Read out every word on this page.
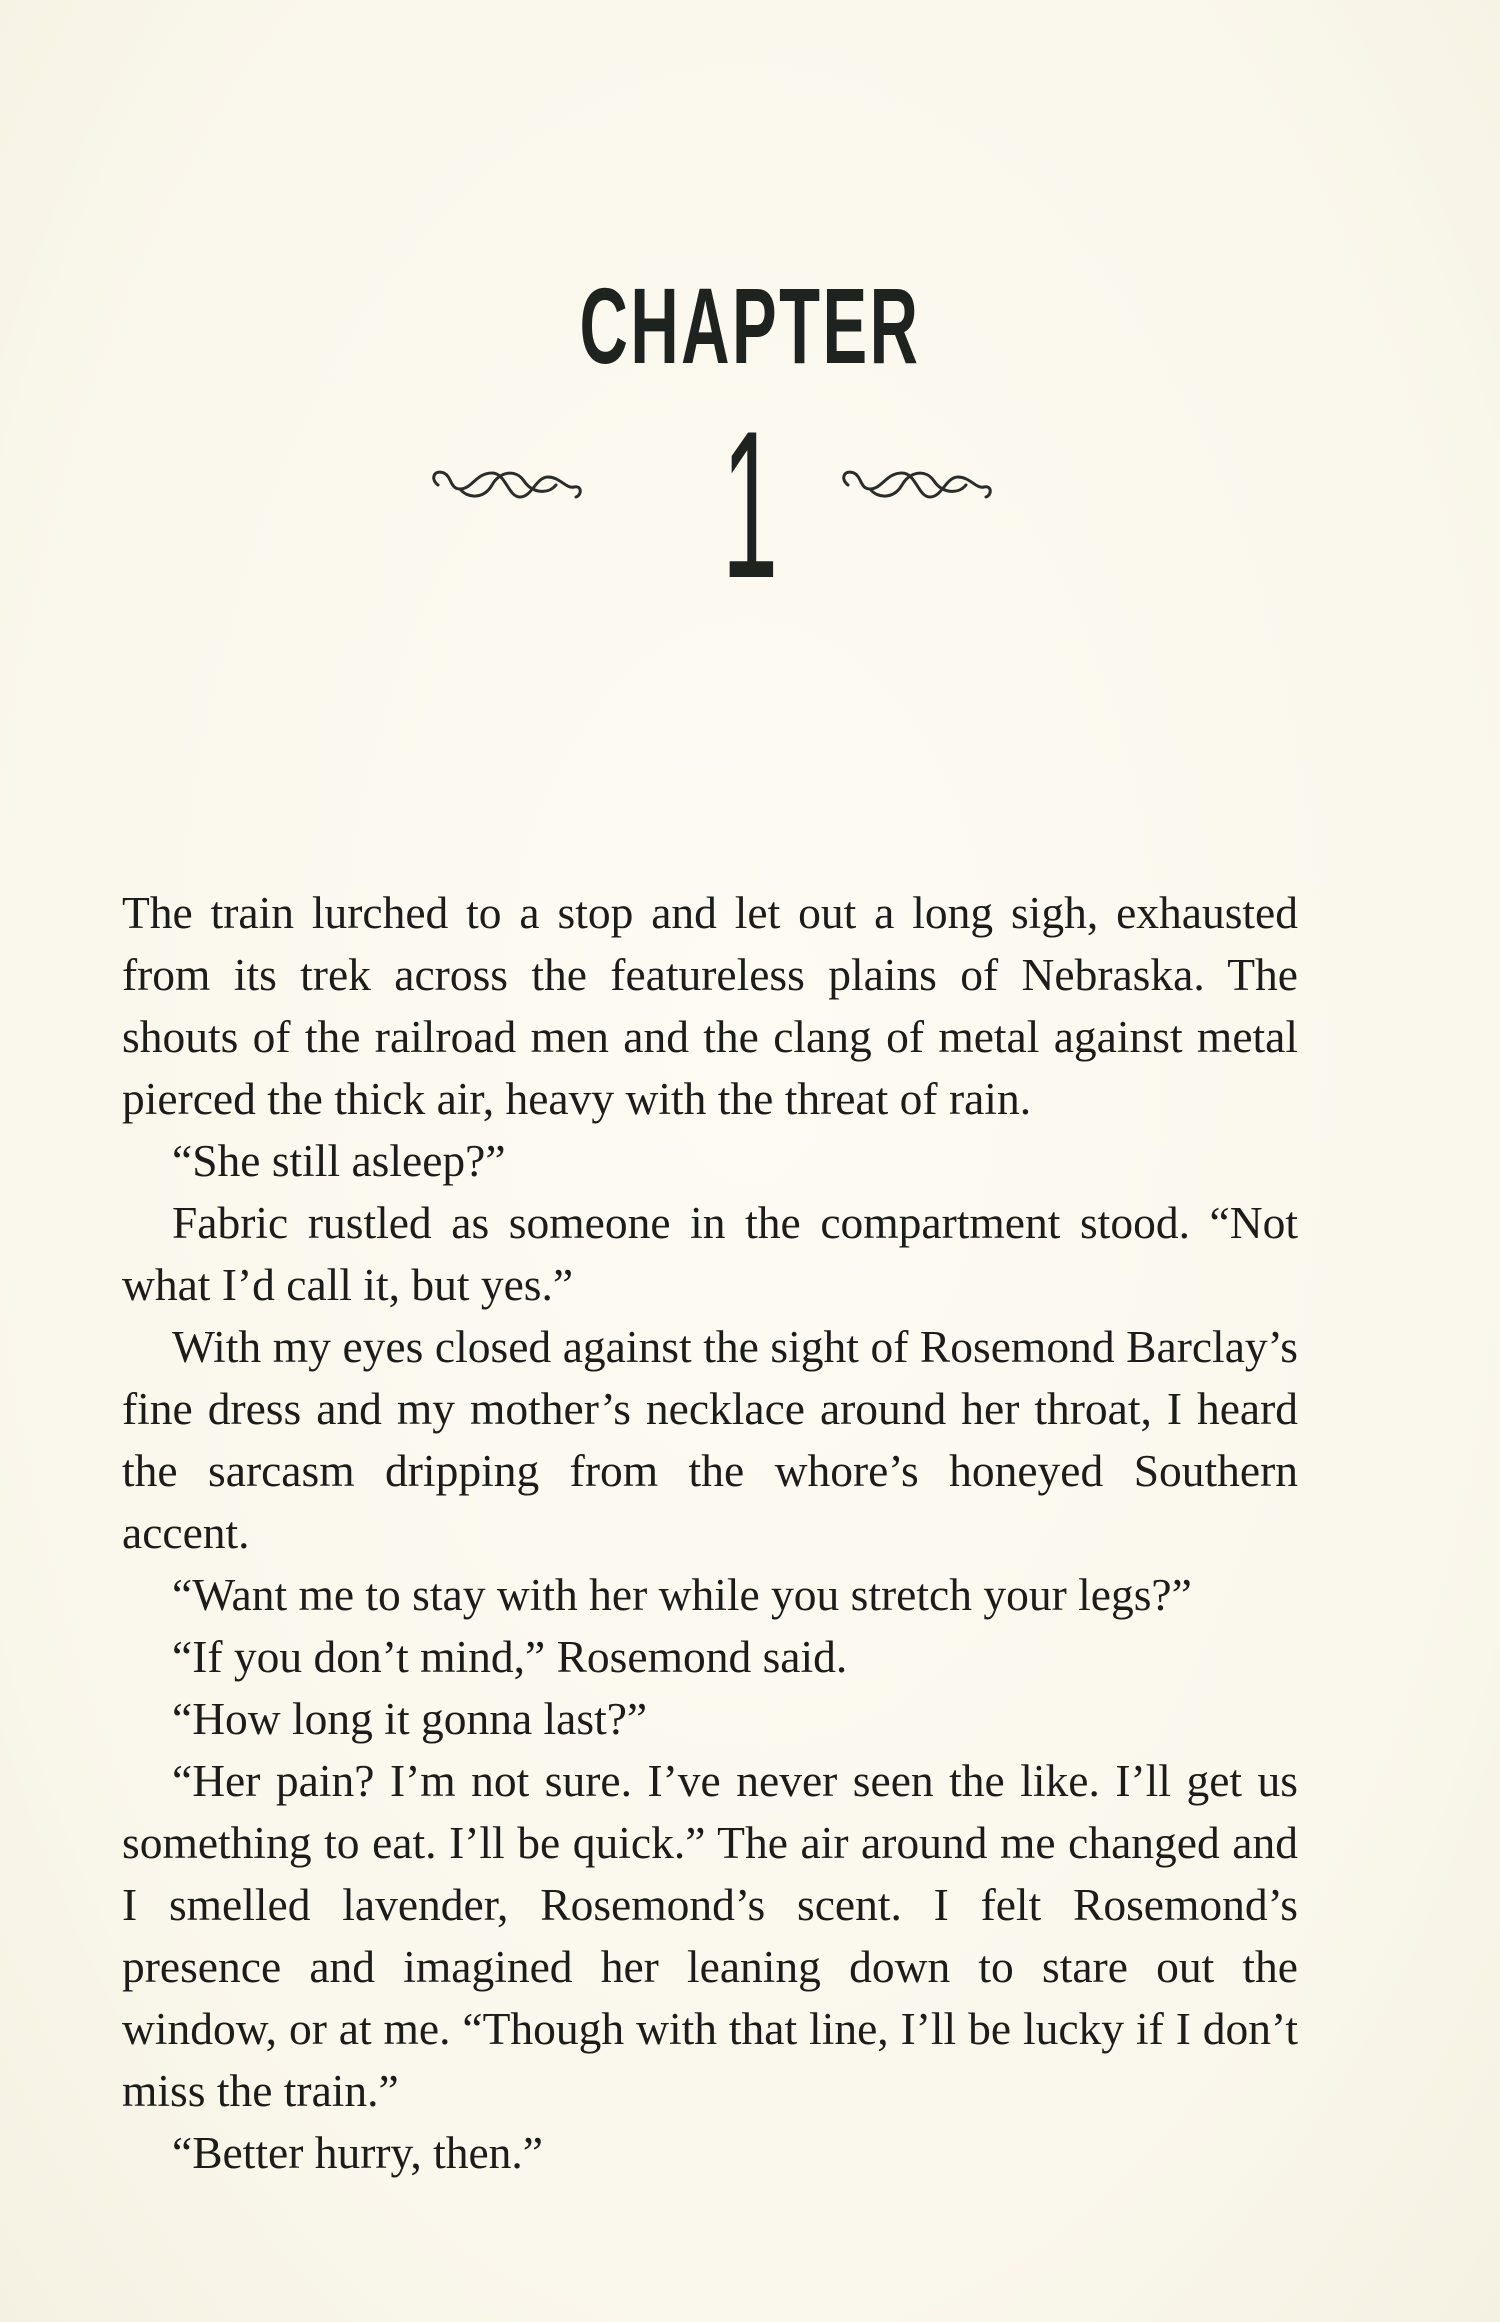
CHAPTER
1

The train lurched to a stop and let out a long sigh, exhausted from its trek across the featureless plains of Nebraska. The shouts of the railroad men and the clang of metal against metal pierced the thick air, heavy with the threat of rain.

“She still asleep?”

Fabric rustled as someone in the compartment stood. “Not what I’d call it, but yes.”

With my eyes closed against the sight of Rosemond Barclay’s fine dress and my mother’s necklace around her throat, I heard the sarcasm dripping from the whore’s honeyed Southern accent.

“Want me to stay with her while you stretch your legs?”

“If you don’t mind,” Rosemond said.

“How long it gonna last?”

“Her pain? I’m not sure. I’ve never seen the like. I’ll get us something to eat. I’ll be quick.” The air around me changed and I smelled lavender, Rosemond’s scent. I felt Rosemond’s presence and imagined her leaning down to stare out the window, or at me. “Though with that line, I’ll be lucky if I don’t miss the train.”

“Better hurry, then.”
